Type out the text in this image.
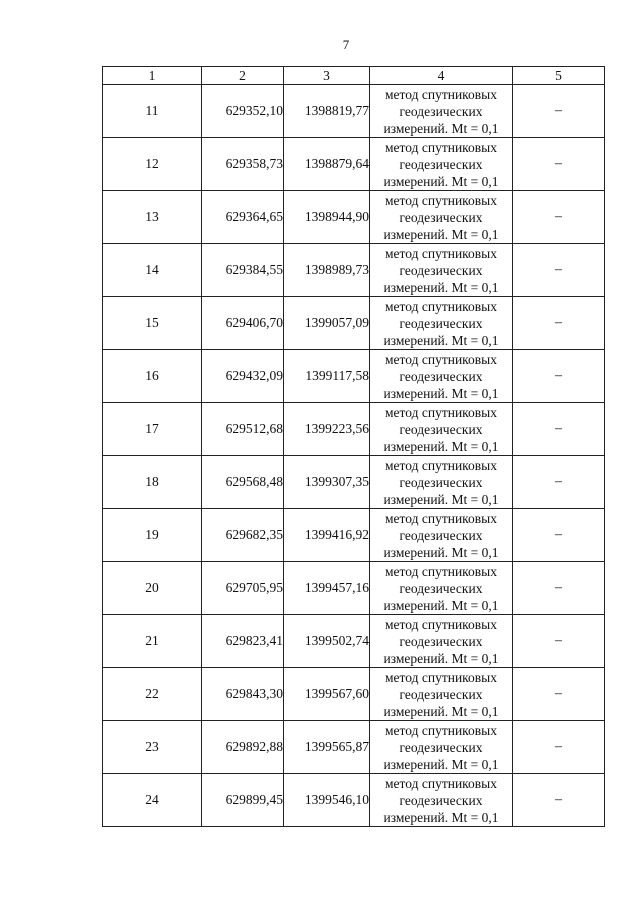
7
1	2	3	4	5
11	629352,10	1398819,77	метод спутниковых
геодезических
измерений. Mt = 0,1	–
12	629358,73	1398879,64	метод спутниковых
геодезических
измерений. Mt = 0,1	–
13	629364,65	1398944,90	метод спутниковых
геодезических
измерений. Mt = 0,1	–
14	629384,55	1398989,73	метод спутниковых
геодезических
измерений. Mt = 0,1	–
15	629406,70	1399057,09	метод спутниковых
геодезических
измерений. Mt = 0,1	–
16	629432,09	1399117,58	метод спутниковых
геодезических
измерений. Mt = 0,1	–
17	629512,68	1399223,56	метод спутниковых
геодезических
измерений. Mt = 0,1	–
18	629568,48	1399307,35	метод спутниковых
геодезических
измерений. Mt = 0,1	–
19	629682,35	1399416,92	метод спутниковых
геодезических
измерений. Mt = 0,1	–
20	629705,95	1399457,16	метод спутниковых
геодезических
измерений. Mt = 0,1	–
21	629823,41	1399502,74	метод спутниковых
геодезических
измерений. Mt = 0,1	–
22	629843,30	1399567,60	метод спутниковых
геодезических
измерений. Mt = 0,1	–
23	629892,88	1399565,87	метод спутниковых
геодезических
измерений. Mt = 0,1	–
24	629899,45	1399546,10	метод спутниковых
геодезических
измерений. Mt = 0,1	–
